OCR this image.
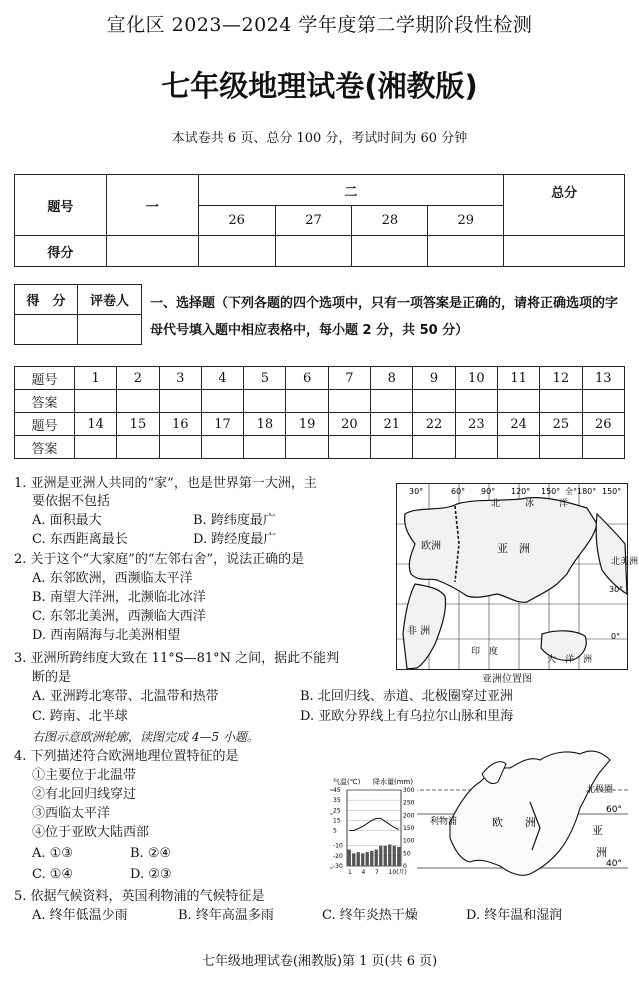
宣化区 2023—2024 学年度第二学期阶段性检测
七年级地理试卷(湘教版)
本试卷共 6 页、总分 100 分，考试时间为 60 分钟
题号	一	二				总分
		26	27	28	29	
得分						
得　分	评卷人
	一、选择题（下列各题的四个选项中，只有一项答案是正确的，请将正确选项的字母代号填入题中相应表格中，每小题 2 分，共 50 分）
题号	1	2	3	4	5	6	7	8	9	10	11	12	13
答案													
题号	14	15	16	17	18	19	20	21	22	23	24	25	26
答案													
1. 亚洲是亚洲人共同的“家”，也是世界第一大洲，主
要依据不包括
A. 面积最大	B. 跨纬度最广
C. 东西距离最长	D. 跨经度最广
2. 关于这个“大家庭”的“左邻右舍”，说法正确的是
A. 东邻欧洲，西濒临太平洋
B. 南望大洋洲，北濒临北冰洋
C. 东邻北美洲，西濒临大西洋
D. 西南隔海与北美洲相望
3. 亚洲所跨纬度大致在 11°S—81°N 之间，据此不能判
断的是
A. 亚洲跨北寒带、北温带和热带	B. 北回归线、赤道、北极圈穿过亚洲
C. 跨南、北半球	D. 亚欧分界线上有乌拉尔山脉和里海
右图示意欧洲轮廓，读图完成 4—5 小题。
4. 下列描述符合欧洲地理位置特征的是
①主要位于北温带
②有北回归线穿过
③西临太平洋
④位于亚欧大陆西部
A. ①③	B. ②④
C. ①④	D. ②③
5. 依据气候资料，英国利物浦的气候特征是
A. 终年低温少雨	B. 终年高温多雨	C. 终年炎热干燥	D. 终年温和湿润
30°	60° 90° 120° 150° 全°180° 150°
北	冰	洋
欧洲	亚　洲
北美洲
非 洲
印　度
大　洋　洲
30°
0°
亚洲位置图
北极圈
60°
40°
利物浦	欧　　洲
亚
洲
气温(℃) 降水量(mm)
45
35
25
15
5
-10
-20
-30
300
250
200
150
100
50
0
1 4 7 10(月)
七年级地理试卷(湘教版)第 1 页(共 6 页)
